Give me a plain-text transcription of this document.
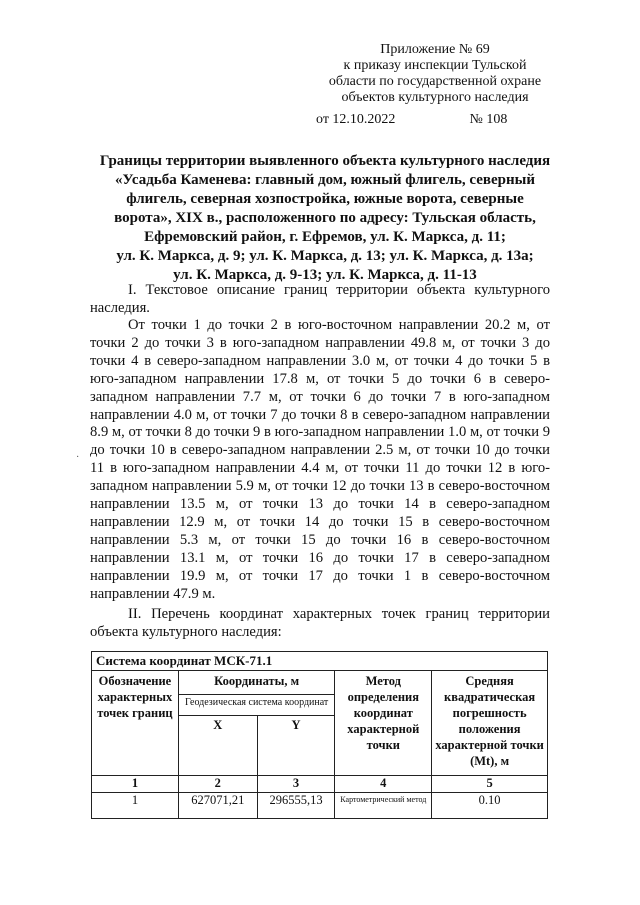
Приложение № 69
к приказу инспекции Тульской
области по государственной охране
объектов культурного наследия
от 12.10.2022	№ 108
Границы территории выявленного объекта культурного наследия
«Усадьба Каменева: главный дом, южный флигель, северный
флигель, северная хозпостройка, южные ворота, северные
ворота», XIX в., расположенного по адресу: Тульская область,
Ефремовский район, г. Ефремов, ул. К. Маркса, д. 11;
ул. К. Маркса, д. 9; ул. К. Маркса, д. 13; ул. К. Маркса, д. 13а;
ул. К. Маркса, д. 9-13; ул. К. Маркса, д. 11-13
I. Текстовое описание границ территории объекта культурного наследия.

От точки 1 до точки 2 в юго-восточном направлении 20.2 м, от точки 2 до точки 3 в юго-западном направлении 49.8 м, от точки 3 до точки 4 в северо-западном направлении 3.0 м, от точки 4 до точки 5 в юго-западном направлении 17.8 м, от точки 5 до точки 6 в северо-западном направлении 7.7 м, от точки 6 до точки 7 в юго-западном направлении 4.0 м, от точки 7 до точки 8 в северо-западном направлении 8.9 м, от точки 8 до точки 9 в юго-западном направлении 1.0 м, от точки 9 до точки 10 в северо-западном направлении 2.5 м, от точки 10 до точки 11 в юго-западном направлении 4.4 м, от точки 11 до точки 12 в юго-западном направлении 5.9 м, от точки 12 до точки 13 в северо-восточном направлении 13.5 м, от точки 13 до точки 14 в северо-западном направлении 12.9 м, от точки 14 до точки 15 в северо-восточном направлении 5.3 м, от точки 15 до точки 16 в северо-восточном направлении 13.1 м, от точки 16 до точки 17 в северо-западном направлении 19.9 м, от точки 17 до точки 1 в северо-восточном направлении 47.9 м.

·
II. Перечень координат характерных точек границ территории объекта культурного наследия:
Система координат МСК-71.1				
Обозначение характерных точек границ	Координаты, м		Метод определения координат характерной точки	Средняя квадратическая погрешность положения характерной точки (Mt), м
	Геодезическая система координат			
	X	Y		
1	2	3	4	5
1	627071,21	296555,13	Картометрический метод	0.10
